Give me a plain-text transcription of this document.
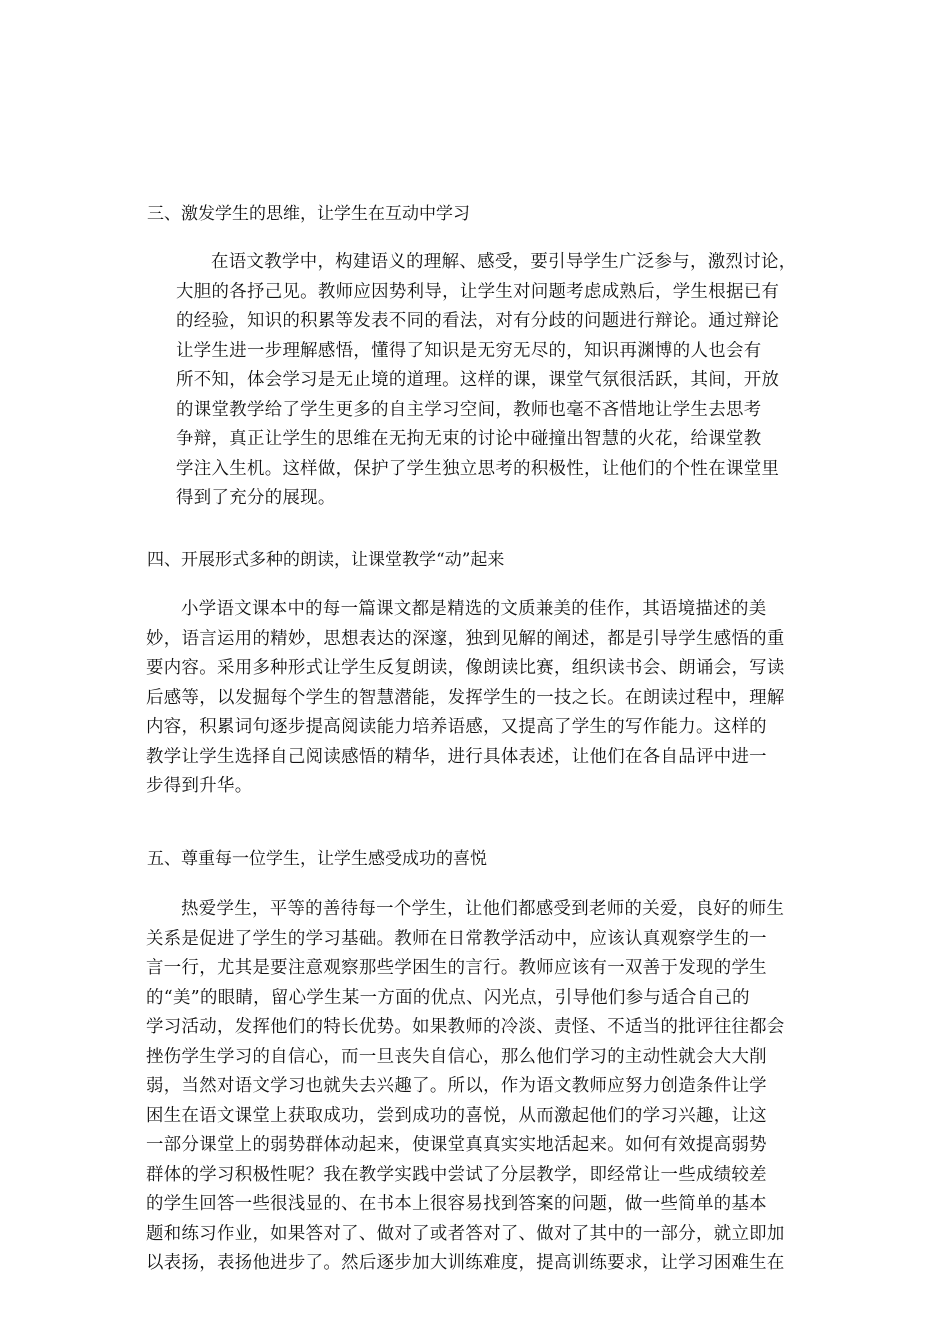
三、激发学生的思维，让学生在互动中学习
在语文教学中，构建语义的理解、感受，要引导学生广泛参与，激烈讨论，
大胆的各抒己见。教师应因势利导，让学生对问题考虑成熟后，学生根据已有
的经验，知识的积累等发表不同的看法，对有分歧的问题进行辩论。通过辩论
让学生进一步理解感悟，懂得了知识是无穷无尽的，知识再渊博的人也会有
所不知，体会学习是无止境的道理。这样的课，课堂气氛很活跃，其间，开放
的课堂教学给了学生更多的自主学习空间，教师也毫不吝惜地让学生去思考
争辩，真正让学生的思维在无拘无束的讨论中碰撞出智慧的火花，给课堂教
学注入生机。这样做，保护了学生独立思考的积极性，让他们的个性在课堂里
得到了充分的展现。
四、开展形式多种的朗读，让课堂教学“动”起来
小学语文课本中的每一篇课文都是精选的文质兼美的佳作，其语境描述的美
妙，语言运用的精妙，思想表达的深邃，独到见解的阐述，都是引导学生感悟的重
要内容。采用多种形式让学生反复朗读，像朗读比赛，组织读书会、朗诵会，写读
后感等，以发掘每个学生的智慧潜能，发挥学生的一技之长。在朗读过程中，理解
内容，积累词句逐步提高阅读能力培养语感，又提高了学生的写作能力。这样的
教学让学生选择自己阅读感悟的精华，进行具体表述，让他们在各自品评中进一
步得到升华。
五、尊重每一位学生，让学生感受成功的喜悦
热爱学生，平等的善待每一个学生，让他们都感受到老师的关爱，良好的师生
关系是促进了学生的学习基础。教师在日常教学活动中，应该认真观察学生的一
言一行，尤其是要注意观察那些学困生的言行。教师应该有一双善于发现的学生
的“美”的眼睛，留心学生某一方面的优点、闪光点，引导他们参与适合自己的
学习活动，发挥他们的特长优势。如果教师的冷淡、责怪、不适当的批评往往都会
挫伤学生学习的自信心，而一旦丧失自信心，那么他们学习的主动性就会大大削
弱，当然对语文学习也就失去兴趣了。所以，作为语文教师应努力创造条件让学
困生在语文课堂上获取成功，尝到成功的喜悦，从而激起他们的学习兴趣，让这
一部分课堂上的弱势群体动起来，使课堂真真实实地活起来。如何有效提高弱势
群体的学习积极性呢？我在教学实践中尝试了分层教学，即经常让一些成绩较差
的学生回答一些很浅显的、在书本上很容易找到答案的问题，做一些简单的基本
题和练习作业，如果答对了、做对了或者答对了、做对了其中的一部分，就立即加
以表扬，表扬他进步了。然后逐步加大训练难度，提高训练要求，让学习困难生在
